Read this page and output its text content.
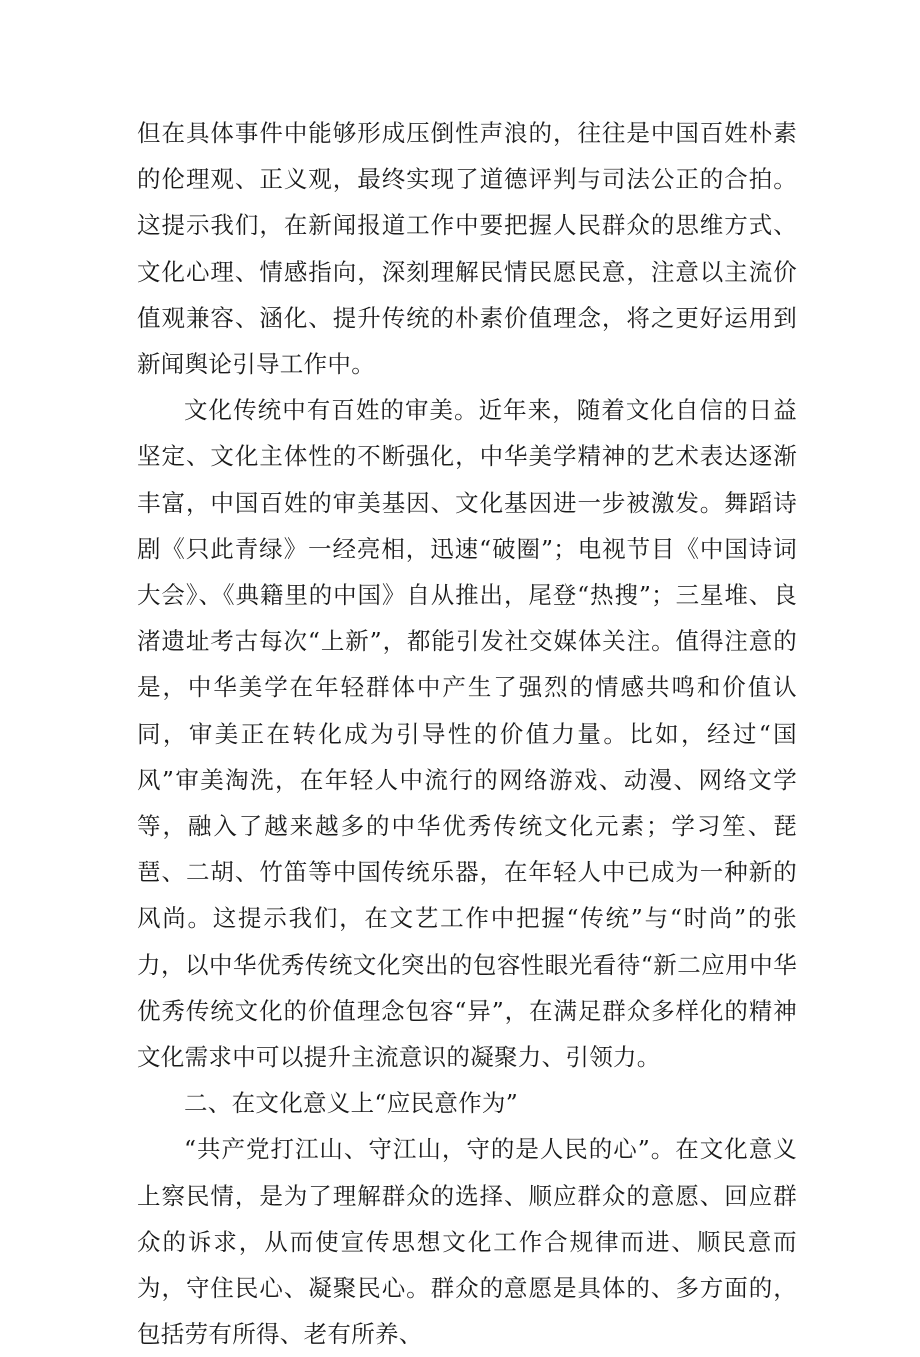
但在具体事件中能够形成压倒性声浪的，往往是中国百姓朴素的伦理观、正义观，最终实现了道德评判与司法公正的合拍。这提示我们，在新闻报道工作中要把握人民群众的思维方式、文化心理、情感指向，深刻理解民情民愿民意，注意以主流价值观兼容、涵化、提升传统的朴素价值理念，将之更好运用到新闻舆论引导工作中。

文化传统中有百姓的审美。近年来，随着文化自信的日益坚定、文化主体性的不断强化，中华美学精神的艺术表达逐渐丰富，中国百姓的审美基因、文化基因进一步被激发。舞蹈诗剧《只此青绿》一经亮相，迅速“破圈”；电视节目《中国诗词大会》、《典籍里的中国》自从推出，尾登“热搜”；三星堆、良渚遗址考古每次“上新”，都能引发社交媒体关注。值得注意的是，中华美学在年轻群体中产生了强烈的情感共鸣和价值认同，审美正在转化成为引导性的价值力量。比如，经过“国风”审美淘洗，在年轻人中流行的网络游戏、动漫、网络文学等，融入了越来越多的中华优秀传统文化元素；学习笙、琵琶、二胡、竹笛等中国传统乐器，在年轻人中已成为一种新的风尚。这提示我们，在文艺工作中把握“传统”与“时尚”的张力，以中华优秀传统文化突出的包容性眼光看待“新二应用中华优秀传统文化的价值理念包容“异”，在满足群众多样化的精神文化需求中可以提升主流意识的凝聚力、引领力。

二、在文化意义上“应民意作为”

“共产党打江山、守江山，守的是人民的心”。在文化意义上察民情，是为了理解群众的选择、顺应群众的意愿、回应群众的诉求，从而使宣传思想文化工作合规律而进、顺民意而为，守住民心、凝聚民心。群众的意愿是具体的、多方面的，包括劳有所得、老有所养、
